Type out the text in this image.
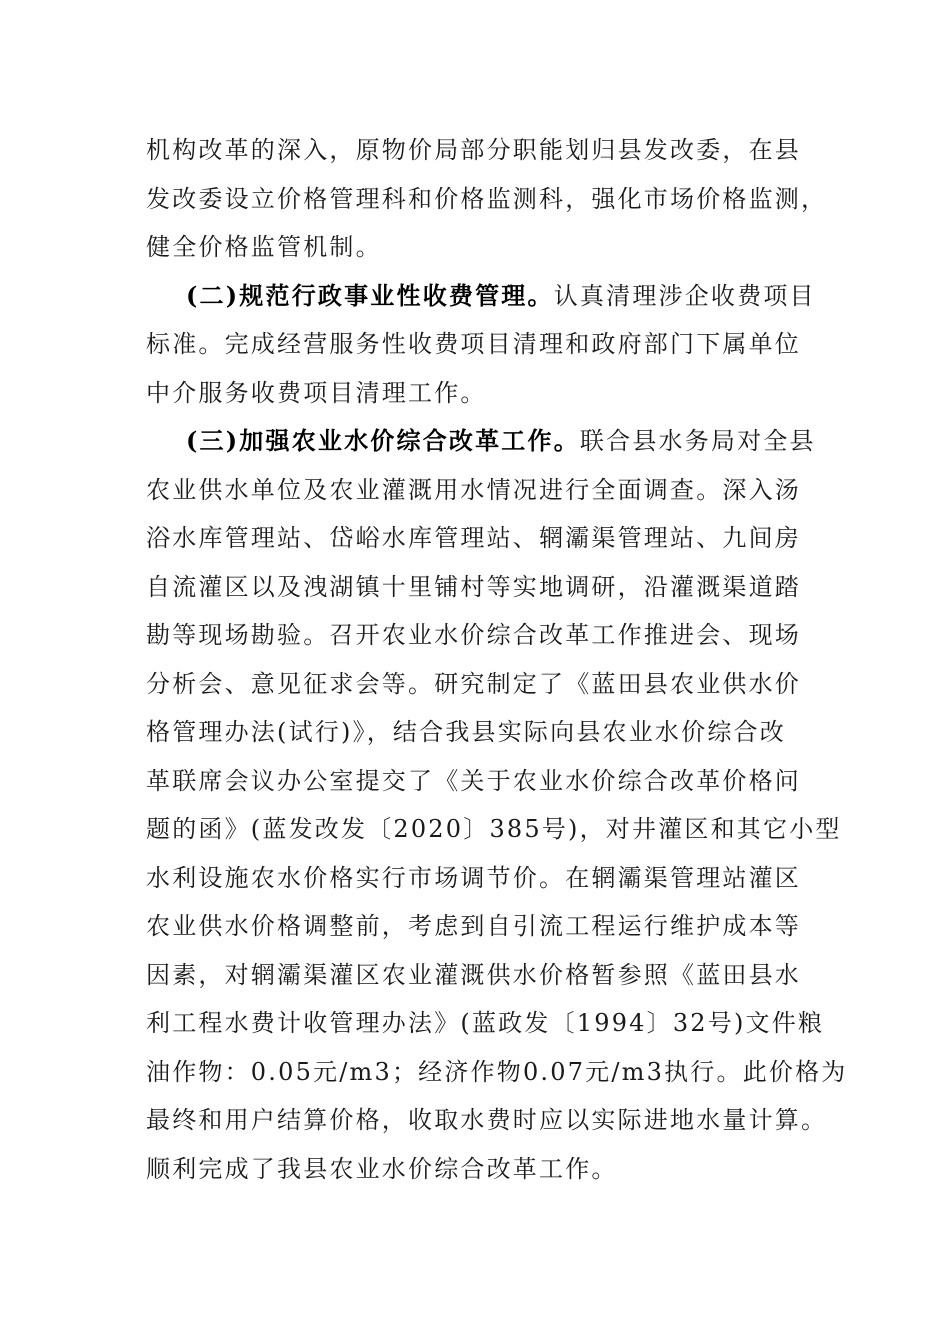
机构改革的深入，原物价局部分职能划归县发改委，在县
发改委设立价格管理科和价格监测科，强化市场价格监测，
健全价格监管机制。
(二)规范行政事业性收费管理。认真清理涉企收费项目
标准。完成经营服务性收费项目清理和政府部门下属单位
中介服务收费项目清理工作。
(三)加强农业水价综合改革工作。联合县水务局对全县
农业供水单位及农业灌溉用水情况进行全面调查。深入汤
浴水库管理站、岱峪水库管理站、辋灞渠管理站、九间房
自流灌区以及洩湖镇十里铺村等实地调研，沿灌溉渠道踏
勘等现场勘验。召开农业水价综合改革工作推进会、现场
分析会、意见征求会等。研究制定了《蓝田县农业供水价
格管理办法(试行)》，结合我县实际向县农业水价综合改
革联席会议办公室提交了《关于农业水价综合改革价格问
题的函》(蓝发改发〔2020〕385号)，对井灌区和其它小型
水利设施农水价格实行市场调节价。在辋灞渠管理站灌区
农业供水价格调整前，考虑到自引流工程运行维护成本等
因素，对辋灞渠灌区农业灌溉供水价格暂参照《蓝田县水
利工程水费计收管理办法》(蓝政发〔1994〕32号)文件粮
油作物：0.05元/m3；经济作物0.07元/m3执行。此价格为
最终和用户结算价格，收取水费时应以实际进地水量计算。
顺利完成了我县农业水价综合改革工作。
